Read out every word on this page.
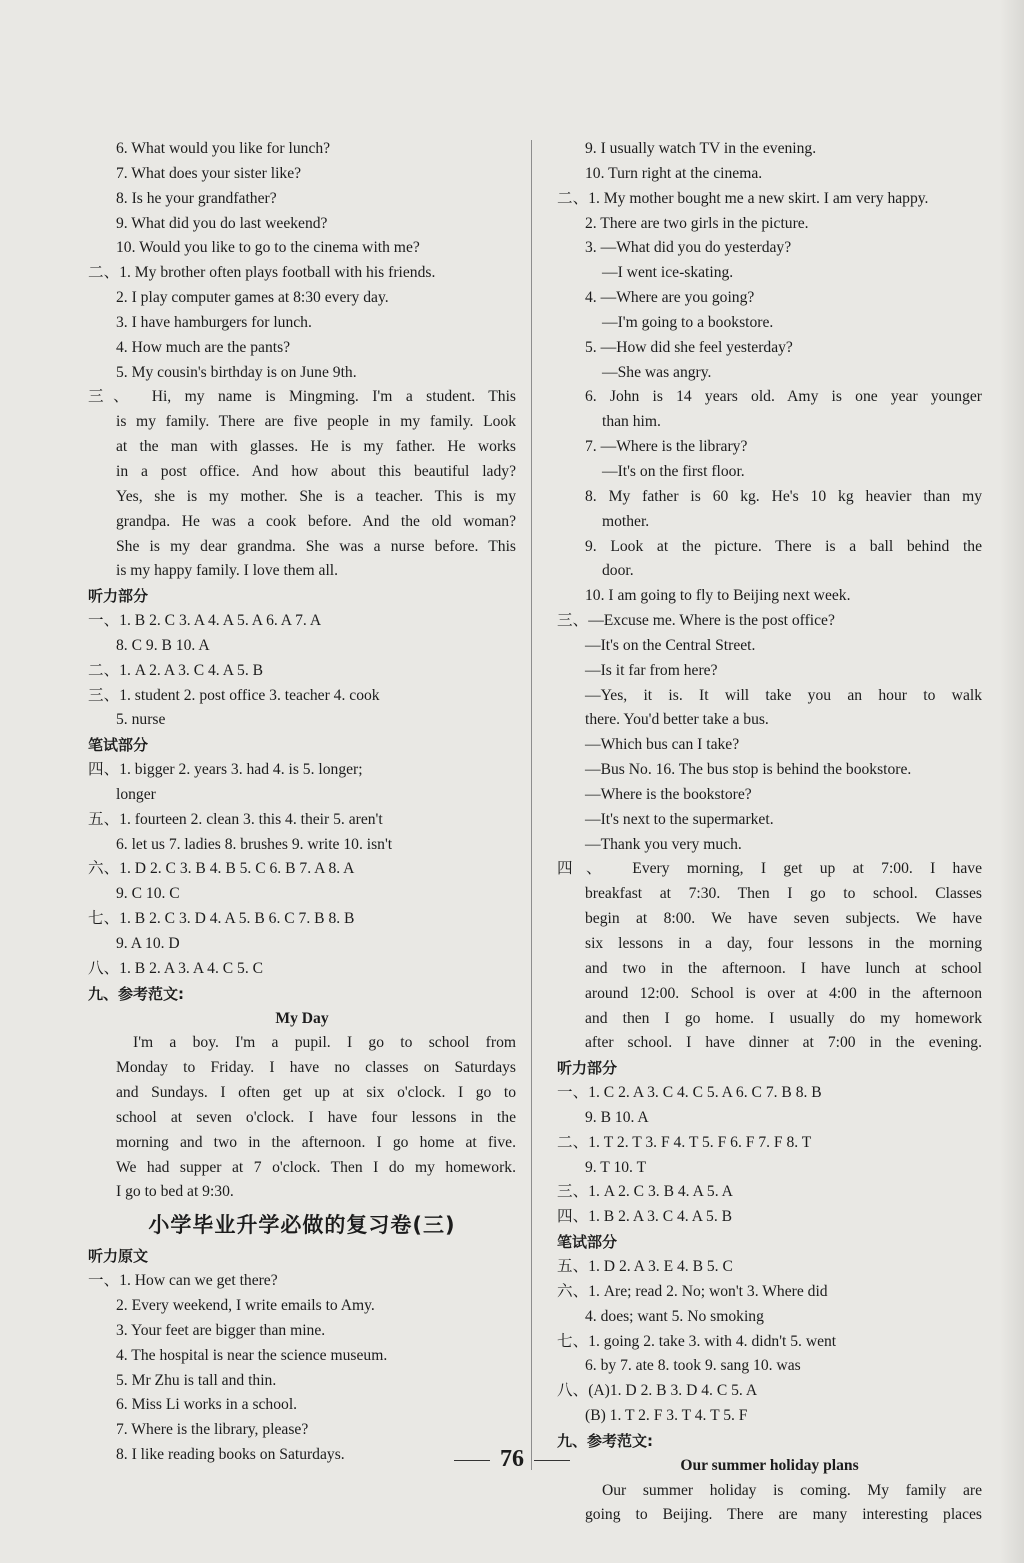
6. What would you like for lunch?
7. What does your sister like?
8. Is he your grandfather?
9. What did you do last weekend?
10. Would you like to go to the cinema with me?
二、1. My brother often plays football with his friends.
2. I play computer games at 8:30 every day.
3. I have hamburgers for lunch.
4. How much are the pants?
5. My cousin's birthday is on June 9th.
三、 Hi, my name is Mingming. I'm a student. This
is my family. There are five people in my family. Look
at the man with glasses. He is my father. He works
in a post office. And how about this beautiful lady?
Yes, she is my mother. She is a teacher. This is my
grandpa. He was a cook before. And the old woman?
She is my dear grandma. She was a nurse before. This
is my happy family. I love them all.
听力部分
一、1. B 2. C 3. A 4. A 5. A 6. A 7. A
8. C 9. B 10. A
二、1. A 2. A 3. C 4. A 5. B
三、1. student 2. post office 3. teacher 4. cook
5. nurse
笔试部分
四、1. bigger 2. years 3. had 4. is 5. longer;
longer
五、1. fourteen 2. clean 3. this 4. their 5. aren't
6. let us 7. ladies 8. brushes 9. write 10. isn't
六、1. D 2. C 3. B 4. B 5. C 6. B 7. A 8. A
9. C 10. C
七、1. B 2. C 3. D 4. A 5. B 6. C 7. B 8. B
9. A 10. D
八、1. B 2. A 3. A 4. C 5. C
九、参考范文:
My Day
I'm a boy. I'm a pupil. I go to school from
Monday to Friday. I have no classes on Saturdays
and Sundays. I often get up at six o'clock. I go to
school at seven o'clock. I have four lessons in the
morning and two in the afternoon. I go home at five.
We had supper at 7 o'clock. Then I do my homework.
I go to bed at 9:30.
小学毕业升学必做的复习卷(三)
听力原文
一、1. How can we get there?
2. Every weekend, I write emails to Amy.
3. Your feet are bigger than mine.
4. The hospital is near the science museum.
5. Mr Zhu is tall and thin.
6. Miss Li works in a school.
7. Where is the library, please?
8. I like reading books on Saturdays.
9. I usually watch TV in the evening.
10. Turn right at the cinema.
二、1. My mother bought me a new skirt. I am very happy.
2. There are two girls in the picture.
3. —What did you do yesterday?
—I went ice-skating.
4. —Where are you going?
—I'm going to a bookstore.
5. —How did she feel yesterday?
—She was angry.
6. John is 14 years old. Amy is one year younger
than him.
7. —Where is the library?
—It's on the first floor.
8. My father is 60 kg. He's 10 kg heavier than my
mother.
9. Look at the picture. There is a ball behind the
door.
10. I am going to fly to Beijing next week.
三、—Excuse me. Where is the post office?
—It's on the Central Street.
—Is it far from here?
—Yes, it is. It will take you an hour to walk
there. You'd better take a bus.
—Which bus can I take?
—Bus No. 16. The bus stop is behind the bookstore.
—Where is the bookstore?
—It's next to the supermarket.
—Thank you very much.
四、 Every morning, I get up at 7:00. I have
breakfast at 7:30. Then I go to school. Classes
begin at 8:00. We have seven subjects. We have
six lessons in a day, four lessons in the morning
and two in the afternoon. I have lunch at school
around 12:00. School is over at 4:00 in the afternoon
and then I go home. I usually do my homework
after school. I have dinner at 7:00 in the evening.
听力部分
一、1. C 2. A 3. C 4. C 5. A 6. C 7. B 8. B
9. B 10. A
二、1. T 2. T 3. F 4. T 5. F 6. F 7. F 8. T
9. T 10. T
三、1. A 2. C 3. B 4. A 5. A
四、1. B 2. A 3. C 4. A 5. B
笔试部分
五、1. D 2. A 3. E 4. B 5. C
六、1. Are; read 2. No; won't 3. Where did
4. does; want 5. No smoking
七、1. going 2. take 3. with 4. didn't 5. went
6. by 7. ate 8. took 9. sang 10. was
八、(A)1. D 2. B 3. D 4. C 5. A
(B) 1. T 2. F 3. T 4. T 5. F
九、参考范文:
Our summer holiday plans
Our summer holiday is coming. My family are
going to Beijing. There are many interesting places
76
